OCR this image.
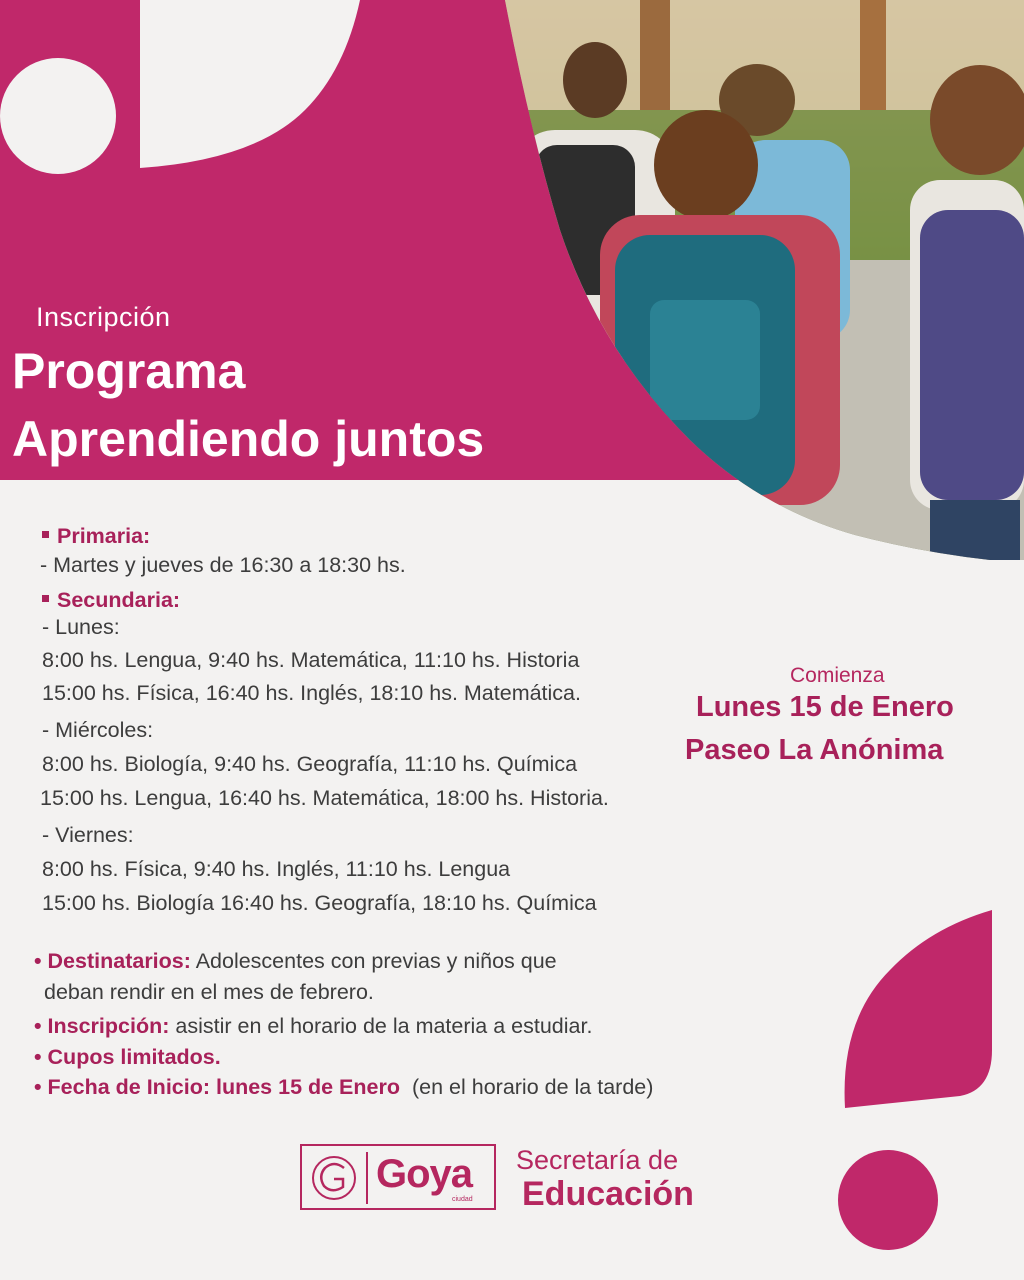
Inscripción
Programa
Aprendiendo juntos
Primaria:
- Martes y jueves de 16:30 a 18:30 hs.
Secundaria:
- Lunes:
8:00 hs. Lengua, 9:40 hs. Matemática, 11:10 hs. Historia
15:00 hs. Física, 16:40 hs. Inglés, 18:10 hs. Matemática.
- Miércoles:
8:00 hs. Biología, 9:40 hs. Geografía, 11:10 hs. Química
15:00 hs. Lengua, 16:40 hs. Matemática, 18:00 hs. Historia.
- Viernes:
8:00 hs. Física, 9:40 hs. Inglés, 11:10 hs. Lengua
15:00 hs. Biología 16:40 hs. Geografía, 18:10 hs. Química
Comienza
Lunes 15 de Enero
Paseo La Anónima
• Destinatarios: Adolescentes con previas y niños que
deban rendir en el mes de febrero.
• Inscripción: asistir en el horario de la materia a estudiar.
• Cupos limitados.
• Fecha de Inicio: lunes 15 de Enero (en el horario de la tarde)
Goya
ciudad
Secretaría de
Educación
